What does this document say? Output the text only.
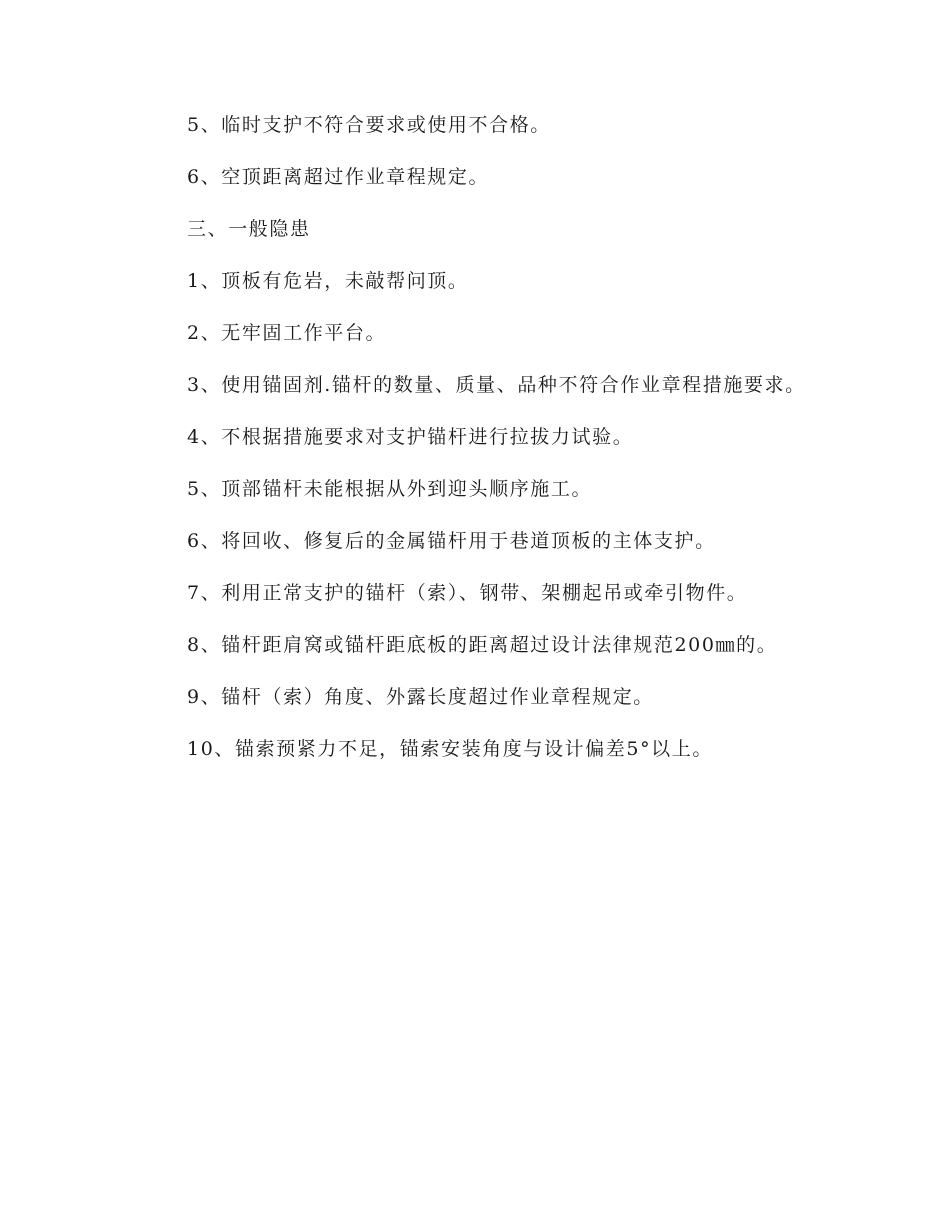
5、临时支护不符合要求或使用不合格。

6、空顶距离超过作业章程规定。

三、一般隐患

1、顶板有危岩，未敲帮问顶。

2、无牢固工作平台。

3、使用锚固剂.锚杆的数量、质量、品种不符合作业章程措施要求。

4、不根据措施要求对支护锚杆进行拉拔力试验。

5、顶部锚杆未能根据从外到迎头顺序施工。

6、将回收、修复后的金属锚杆用于巷道顶板的主体支护。

7、利用正常支护的锚杆（索）、钢带、架棚起吊或牵引物件。

8、锚杆距肩窝或锚杆距底板的距离超过设计法律规范200㎜的。

9、锚杆（索）角度、外露长度超过作业章程规定。

10、锚索预紧力不足，锚索安装角度与设计偏差5°以上。
